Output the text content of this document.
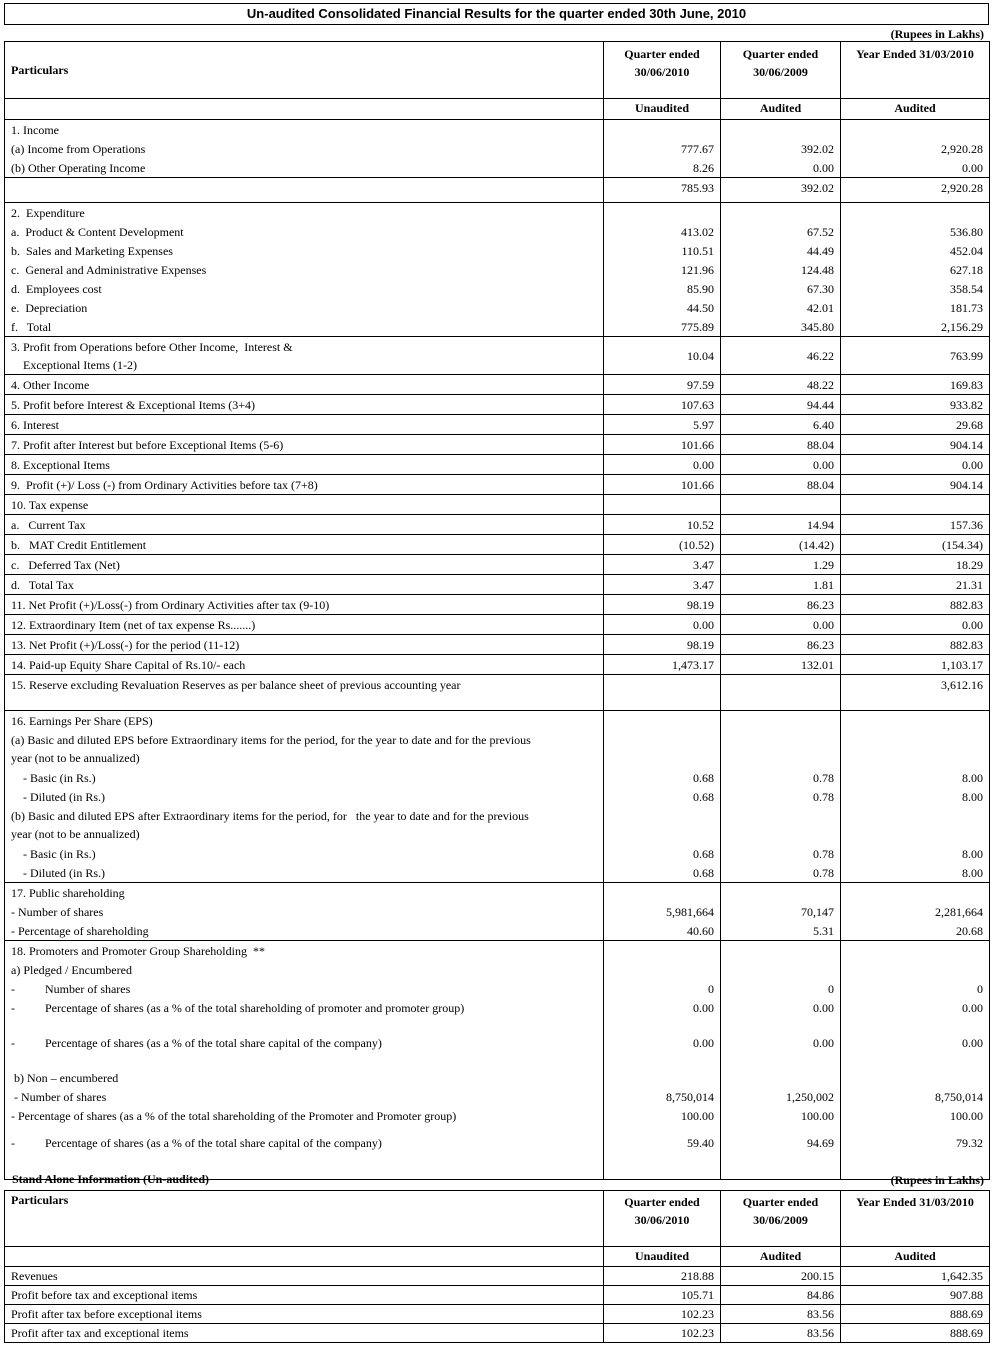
Un-audited Consolidated Financial Results for the quarter ended 30th June, 2010
(Rupees in Lakhs)
Particulars	Quarter ended 30/06/2010	Quarter ended 30/06/2009	Year Ended 31/03/2010
	Unaudited	Audited	Audited
1. Income			
(a) Income from Operations	777.67	392.02	2,920.28
(b) Other Operating Income	8.26	0.00	0.00
	785.93	392.02	2,920.28
2.  Expenditure			
a.  Product & Content Development	413.02	67.52	536.80
b.  Sales and Marketing Expenses	110.51	44.49	452.04
c.  General and Administrative Expenses	121.96	124.48	627.18
d.  Employees cost	85.90	67.30	358.54
e.  Depreciation	44.50	42.01	181.73
f.   Total	775.89	345.80	2,156.29
3. Profit from Operations before Other Income,  Interest &
Exceptional Items (1-2)	10.04	46.22	763.99
4. Other Income	97.59	48.22	169.83
5. Profit before Interest & Exceptional Items (3+4)	107.63	94.44	933.82
6. Interest	5.97	6.40	29.68
7. Profit after Interest but before Exceptional Items (5-6)	101.66	88.04	904.14
8. Exceptional Items	0.00	0.00	0.00
9.  Profit (+)/ Loss (-) from Ordinary Activities before tax (7+8)	101.66	88.04	904.14
10. Tax expense			
a.   Current Tax	10.52	14.94	157.36
b.   MAT Credit Entitlement	(10.52)	(14.42)	(154.34)
c.   Deferred Tax (Net)	3.47	1.29	18.29
d.   Total Tax	3.47	1.81	21.31
11. Net Profit (+)/Loss(-) from Ordinary Activities after tax (9-10)	98.19	86.23	882.83
12. Extraordinary Item (net of tax expense Rs.......)	0.00	0.00	0.00
13. Net Profit (+)/Loss(-) for the period (11-12)	98.19	86.23	882.83
14. Paid-up Equity Share Capital of Rs.10/- each	1,473.17	132.01	1,103.17
15. Reserve excluding Revaluation Reserves as per balance sheet of previous accounting year			3,612.16
16. Earnings Per Share (EPS)			
(a) Basic and diluted EPS before Extraordinary items for the period, for the year to date and for the previous
year (not to be annualized)			
- Basic (in Rs.)	0.68	0.78	8.00
- Diluted (in Rs.)	0.68	0.78	8.00
(b) Basic and diluted EPS after Extraordinary items for the period, for   the year to date and for the previous
year (not to be annualized)			
- Basic (in Rs.)	0.68	0.78	8.00
- Diluted (in Rs.)	0.68	0.78	8.00
17. Public shareholding			
- Number of shares	5,981,664	70,147	2,281,664
- Percentage of shareholding	40.60	5.31	20.68
18. Promoters and Promoter Group Shareholding  **			
a) Pledged / Encumbered			
-          Number of shares	0	0	0
-          Percentage of shares (as a % of the total shareholding of promoter and promoter group)	0.00	0.00	0.00
-          Percentage of shares (as a % of the total share capital of the company)	0.00	0.00	0.00
b) Non – encumbered			
- Number of shares	8,750,014	1,250,002	8,750,014
- Percentage of shares (as a % of the total shareholding of the Promoter and Promoter group)	100.00	100.00	100.00
-          Percentage of shares (as a % of the total share capital of the company)	59.40	94.69	79.32
Stand Alone Information (Un-audited)	(Rupees in Lakhs)
Particulars	Quarter ended 30/06/2010	Quarter ended 30/06/2009	Year Ended 31/03/2010
	Unaudited	Audited	Audited
Revenues	218.88	200.15	1,642.35
Profit before tax and exceptional items	105.71	84.86	907.88
Profit after tax before exceptional items	102.23	83.56	888.69
Profit after tax and exceptional items	102.23	83.56	888.69
